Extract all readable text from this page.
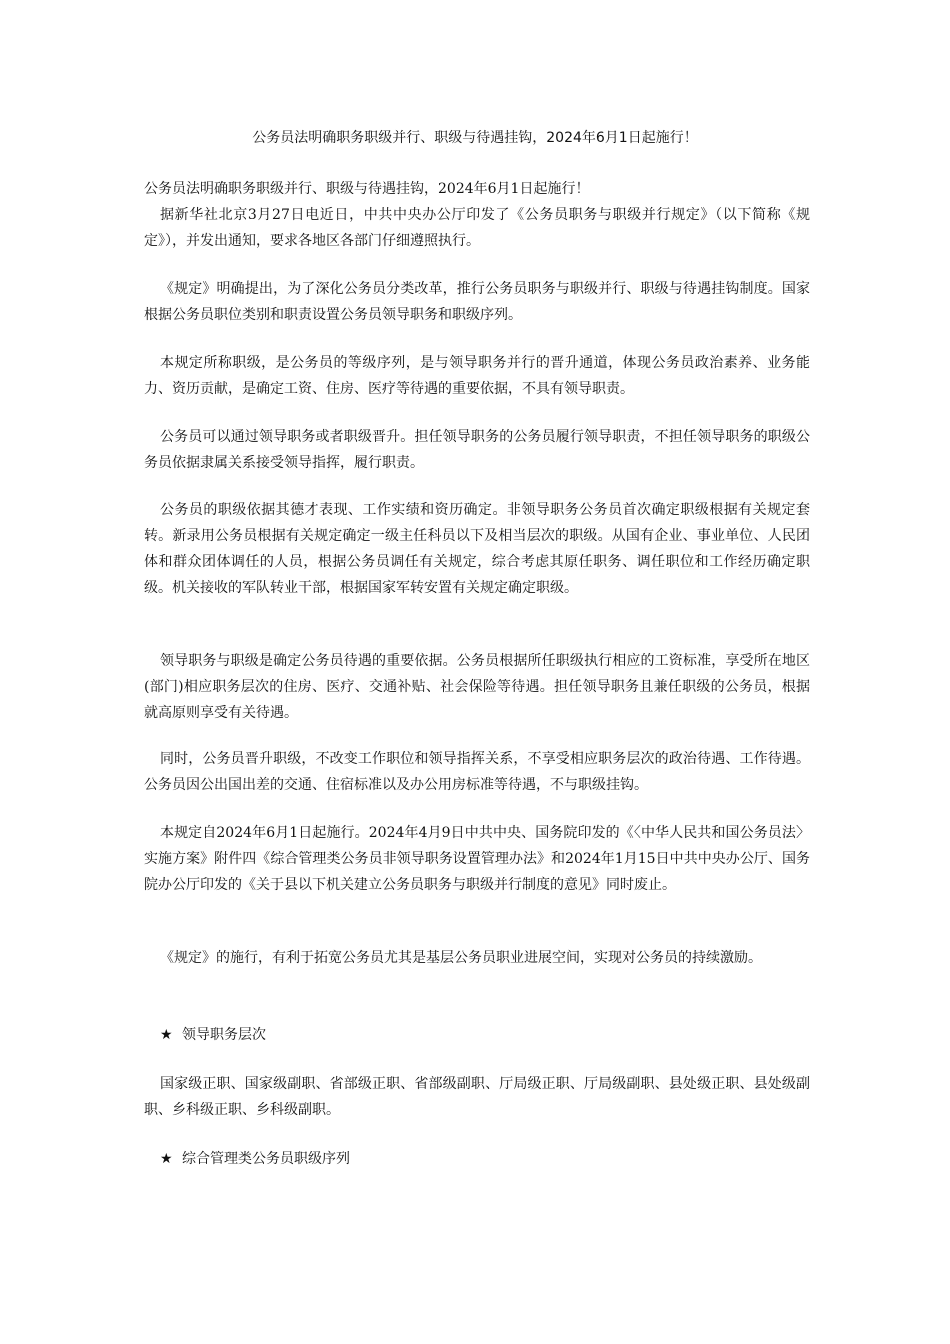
公务员法明确职务职级并行、职级与待遇挂钩，2024年6月1日起施行！

公务员法明确职务职级并行、职级与待遇挂钩，2024年6月1日起施行！

据新华社北京3月27日电近日，中共中央办公厅印发了《公务员职务与职级并行规定》（以下简称《规定》），并发出通知，要求各地区各部门仔细遵照执行。

《规定》明确提出，为了深化公务员分类改革，推行公务员职务与职级并行、职级与待遇挂钩制度。国家根据公务员职位类别和职责设置公务员领导职务和职级序列。

本规定所称职级，是公务员的等级序列，是与领导职务并行的晋升通道，体现公务员政治素养、业务能力、资历贡献，是确定工资、住房、医疗等待遇的重要依据，不具有领导职责。

公务员可以通过领导职务或者职级晋升。担任领导职务的公务员履行领导职责，不担任领导职务的职级公务员依据隶属关系接受领导指挥，履行职责。

公务员的职级依据其德才表现、工作实绩和资历确定。非领导职务公务员首次确定职级根据有关规定套转。新录用公务员根据有关规定确定一级主任科员以下及相当层次的职级。从国有企业、事业单位、人民团体和群众团体调任的人员，根据公务员调任有关规定，综合考虑其原任职务、调任职位和工作经历确定职级。机关接收的军队转业干部，根据国家军转安置有关规定确定职级。

领导职务与职级是确定公务员待遇的重要依据。公务员根据所任职级执行相应的工资标准，享受所在地区(部门)相应职务层次的住房、医疗、交通补贴、社会保险等待遇。担任领导职务且兼任职级的公务员，根据就高原则享受有关待遇。

同时，公务员晋升职级，不改变工作职位和领导指挥关系，不享受相应职务层次的政治待遇、工作待遇。公务员因公出国出差的交通、住宿标准以及办公用房标准等待遇，不与职级挂钩。

本规定自2024年6月1日起施行。2024年4月9日中共中央、国务院印发的《〈中华人民共和国公务员法〉实施方案》附件四《综合管理类公务员非领导职务设置管理办法》和2024年1月15日中共中央办公厅、国务院办公厅印发的《关于县以下机关建立公务员职务与职级并行制度的意见》同时废止。

《规定》的施行，有利于拓宽公务员尤其是基层公务员职业进展空间，实现对公务员的持续激励。

★ 领导职务层次

国家级正职、国家级副职、省部级正职、省部级副职、厅局级正职、厅局级副职、县处级正职、县处级副职、乡科级正职、乡科级副职。

★ 综合管理类公务员职级序列
